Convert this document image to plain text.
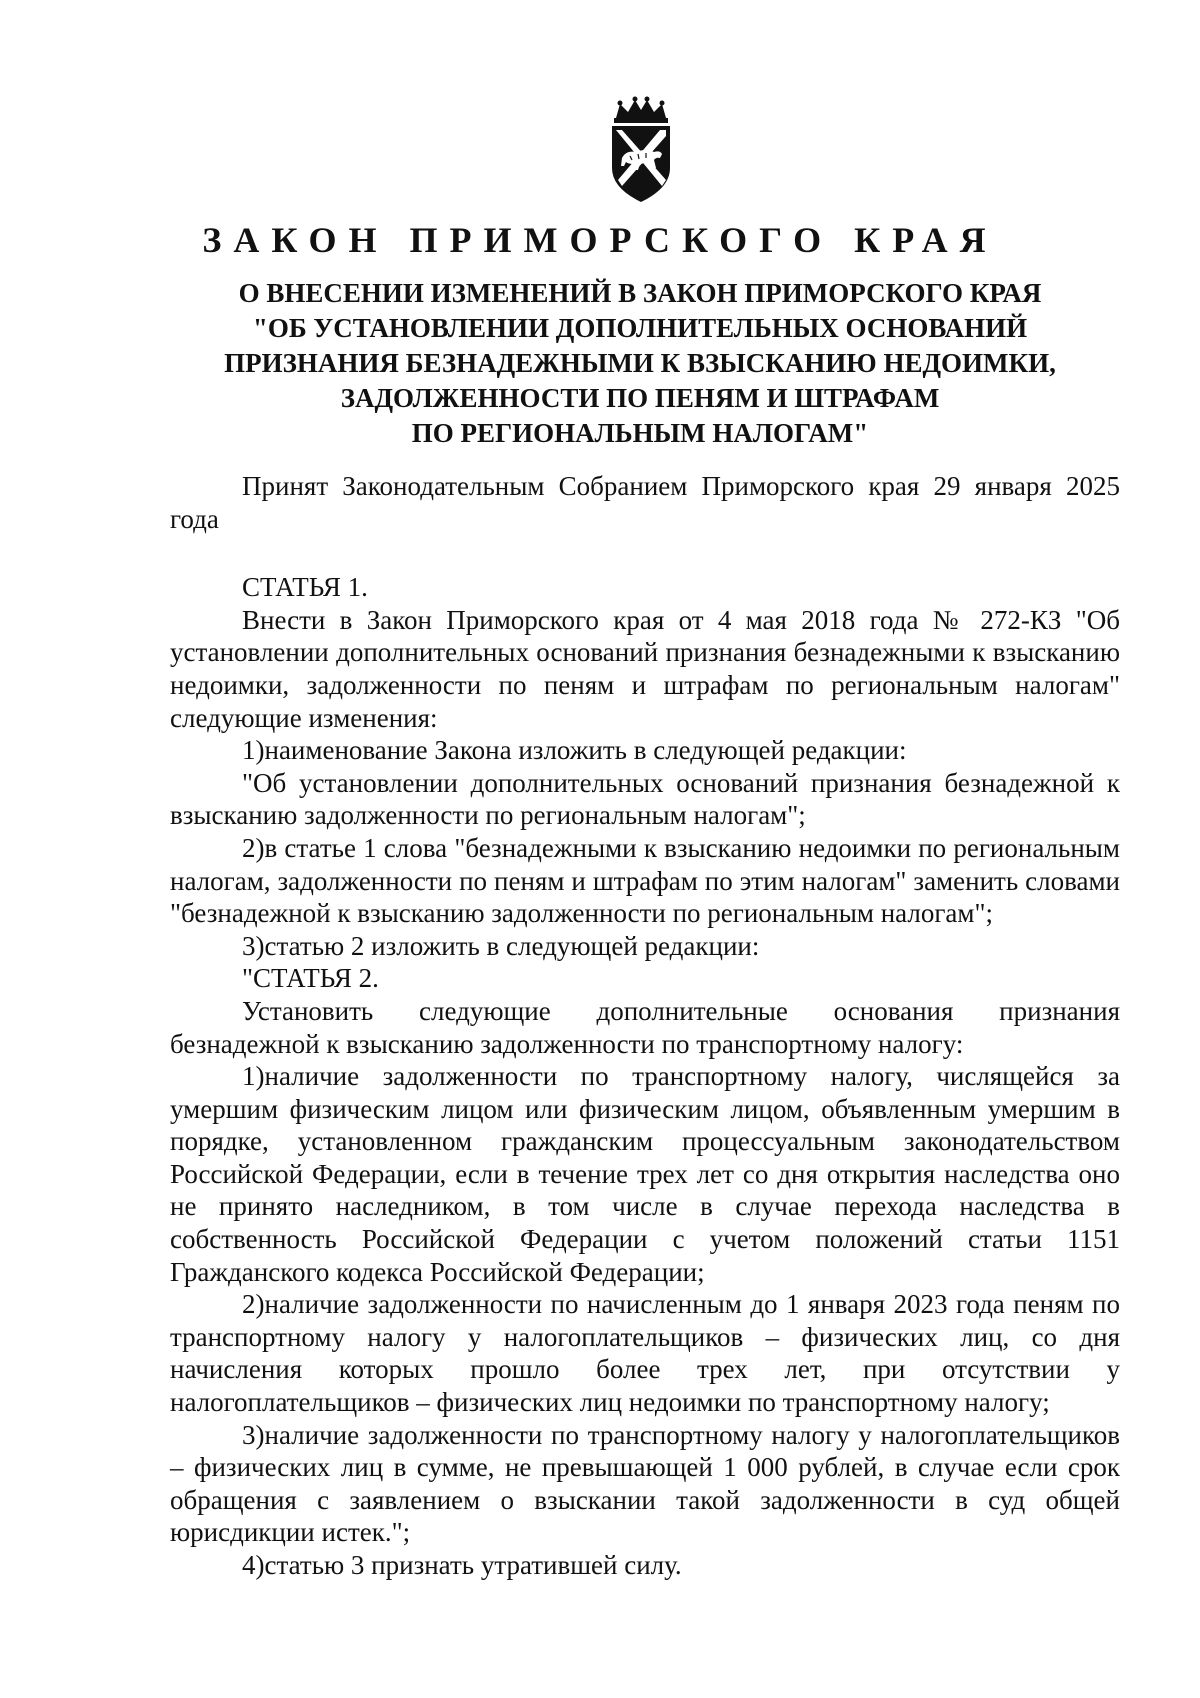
ЗАКОН ПРИМОРСКОГО КРАЯ
О ВНЕСЕНИИ ИЗМЕНЕНИЙ В ЗАКОН ПРИМОРСКОГО КРАЯ
"ОБ УСТАНОВЛЕНИИ ДОПОЛНИТЕЛЬНЫХ ОСНОВАНИЙ
ПРИЗНАНИЯ БЕЗНАДЕЖНЫМИ К ВЗЫСКАНИЮ НЕДОИМКИ,
ЗАДОЛЖЕННОСТИ ПО ПЕНЯМ И ШТРАФАМ
ПО РЕГИОНАЛЬНЫМ НАЛОГАМ"

Принят Законодательным Собранием Приморского края 29 января 2025 года

СТАТЬЯ 1.

Внести в Закон Приморского края от 4 мая 2018 года № 272-КЗ "Об установлении дополнительных оснований признания безнадежными к взысканию недоимки, задолженности по пеням и штрафам по региональным налогам" следующие изменения:

1)наименование Закона изложить в следующей редакции:

"Об установлении дополнительных оснований признания безнадежной к взысканию задолженности по региональным налогам";

2)в статье 1 слова "безнадежными к взысканию недоимки по региональным налогам, задолженности по пеням и штрафам по этим налогам" заменить словами "безнадежной к взысканию задолженности по региональным налогам";

3)статью 2 изложить в следующей редакции:

"СТАТЬЯ 2.

Установить следующие дополнительные основания признания безнадежной к взысканию задолженности по транспортному налогу:

1)наличие задолженности по транспортному налогу, числящейся за умершим физическим лицом или физическим лицом, объявленным умершим в порядке, установленном гражданским процессуальным законодательством Российской Федерации, если в течение трех лет со дня открытия наследства оно не принято наследником, в том числе в случае перехода наследства в собственность Российской Федерации с учетом положений статьи 1151 Гражданского кодекса Российской Федерации;

2)наличие задолженности по начисленным до 1 января 2023 года пеням по транспортному налогу у налогоплательщиков – физических лиц, со дня начисления которых прошло более трех лет, при отсутствии у налогоплательщиков – физических лиц недоимки по транспортному налогу;

3)наличие задолженности по транспортному налогу у налогоплательщиков – физических лиц в сумме, не превышающей 1 000 рублей, в случае если срок обращения с заявлением о взыскании такой задолженности в суд общей юрисдикции истек.";

4)статью 3 признать утратившей силу.
